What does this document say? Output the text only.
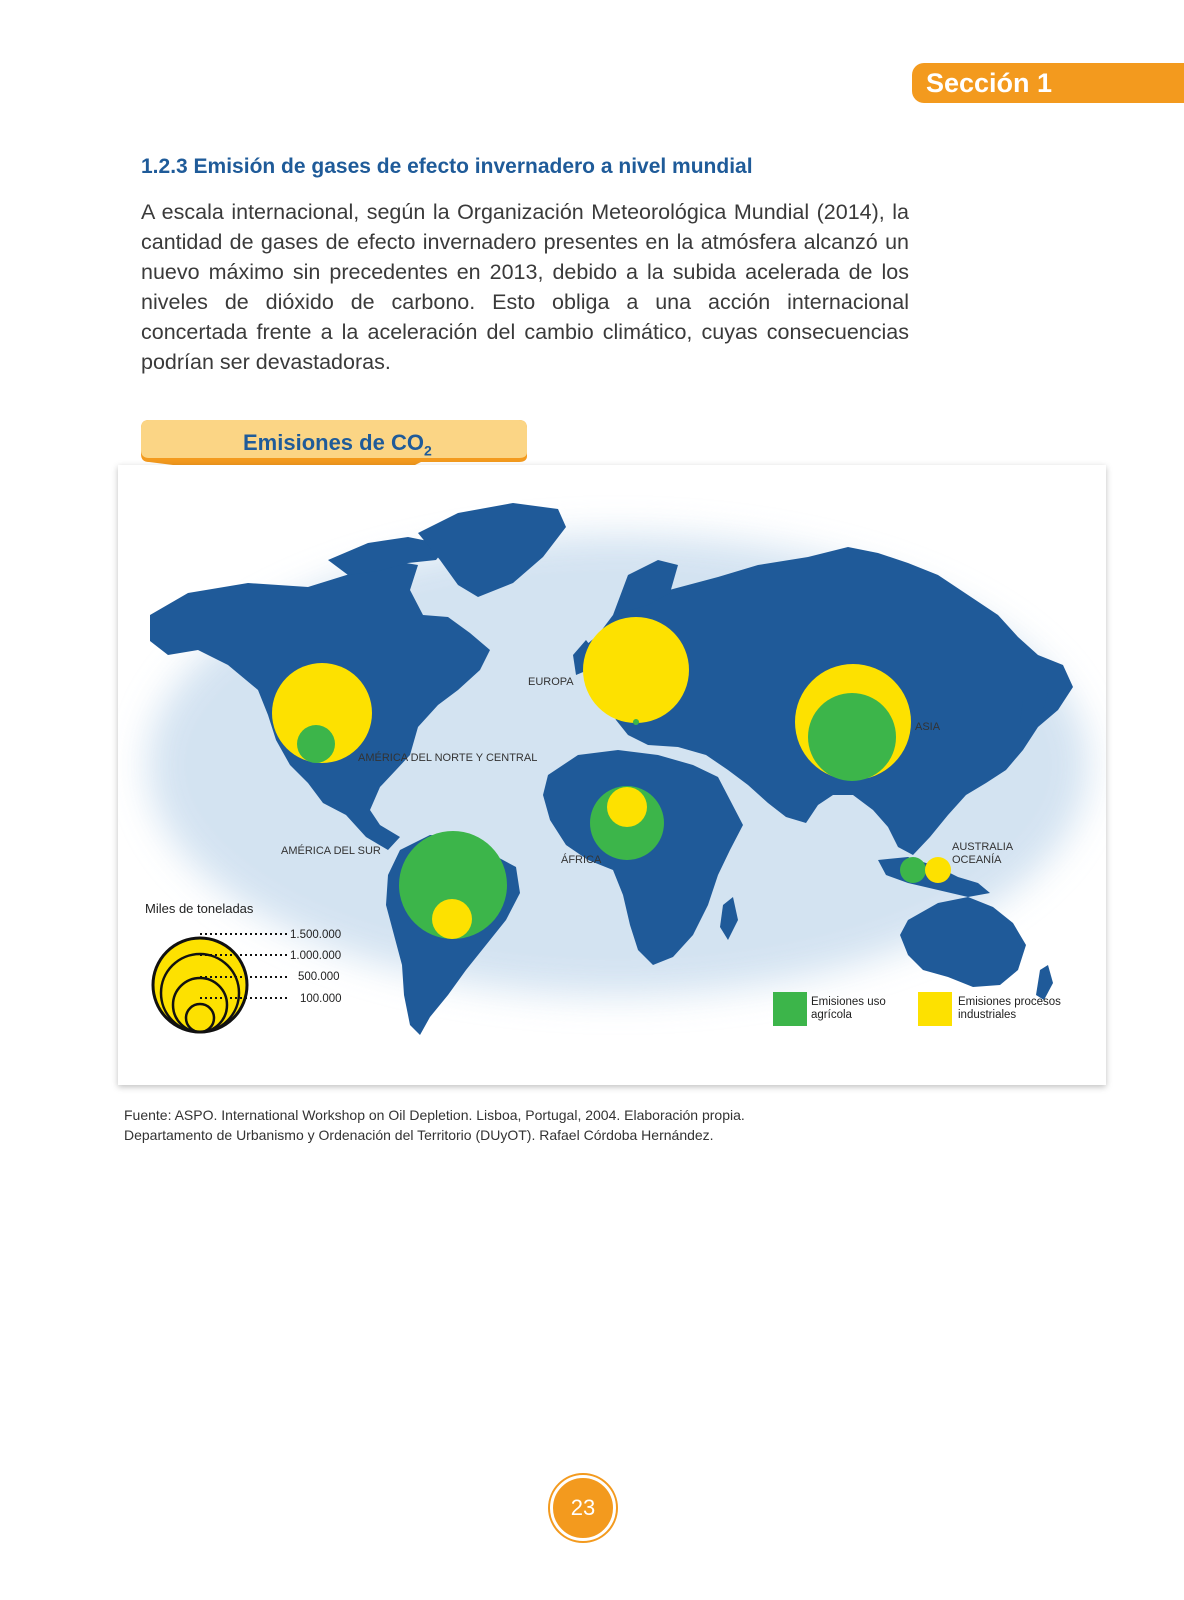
Sección 1
1.2.3 Emisión de gases de efecto invernadero a nivel mundial
A escala internacional, según la Organización Meteorológica Mundial (2014), la cantidad de gases de efecto invernadero presentes en la atmósfera alcanzó un nuevo máximo sin precedentes en 2013, debido a la subida acelerada de los niveles de dióxido de carbono. Esto obliga a una acción internacional concertada frente a la aceleración del cambio climático, cuyas consecuencias podrían ser devastadoras.
Emisiones de $CO_2$
AMÉRICA DEL NORTE Y CENTRAL
EUROPA
ASIA
AMÉRICA DEL SUR
ÁFRICA
AUSTRALIA
OCEANÍA
Miles de toneladas
1.500.000
1.000.000
500.000
100.000	Emisiones uso
agrícola
Emisiones procesos
industriales
Fuente: ASPO. International Workshop on Oil Depletion. Lisboa, Portugal, 2004. Elaboración propia.
Departamento de Urbanismo y Ordenación del Territorio (DUyOT). Rafael Córdoba Hernández.
23
